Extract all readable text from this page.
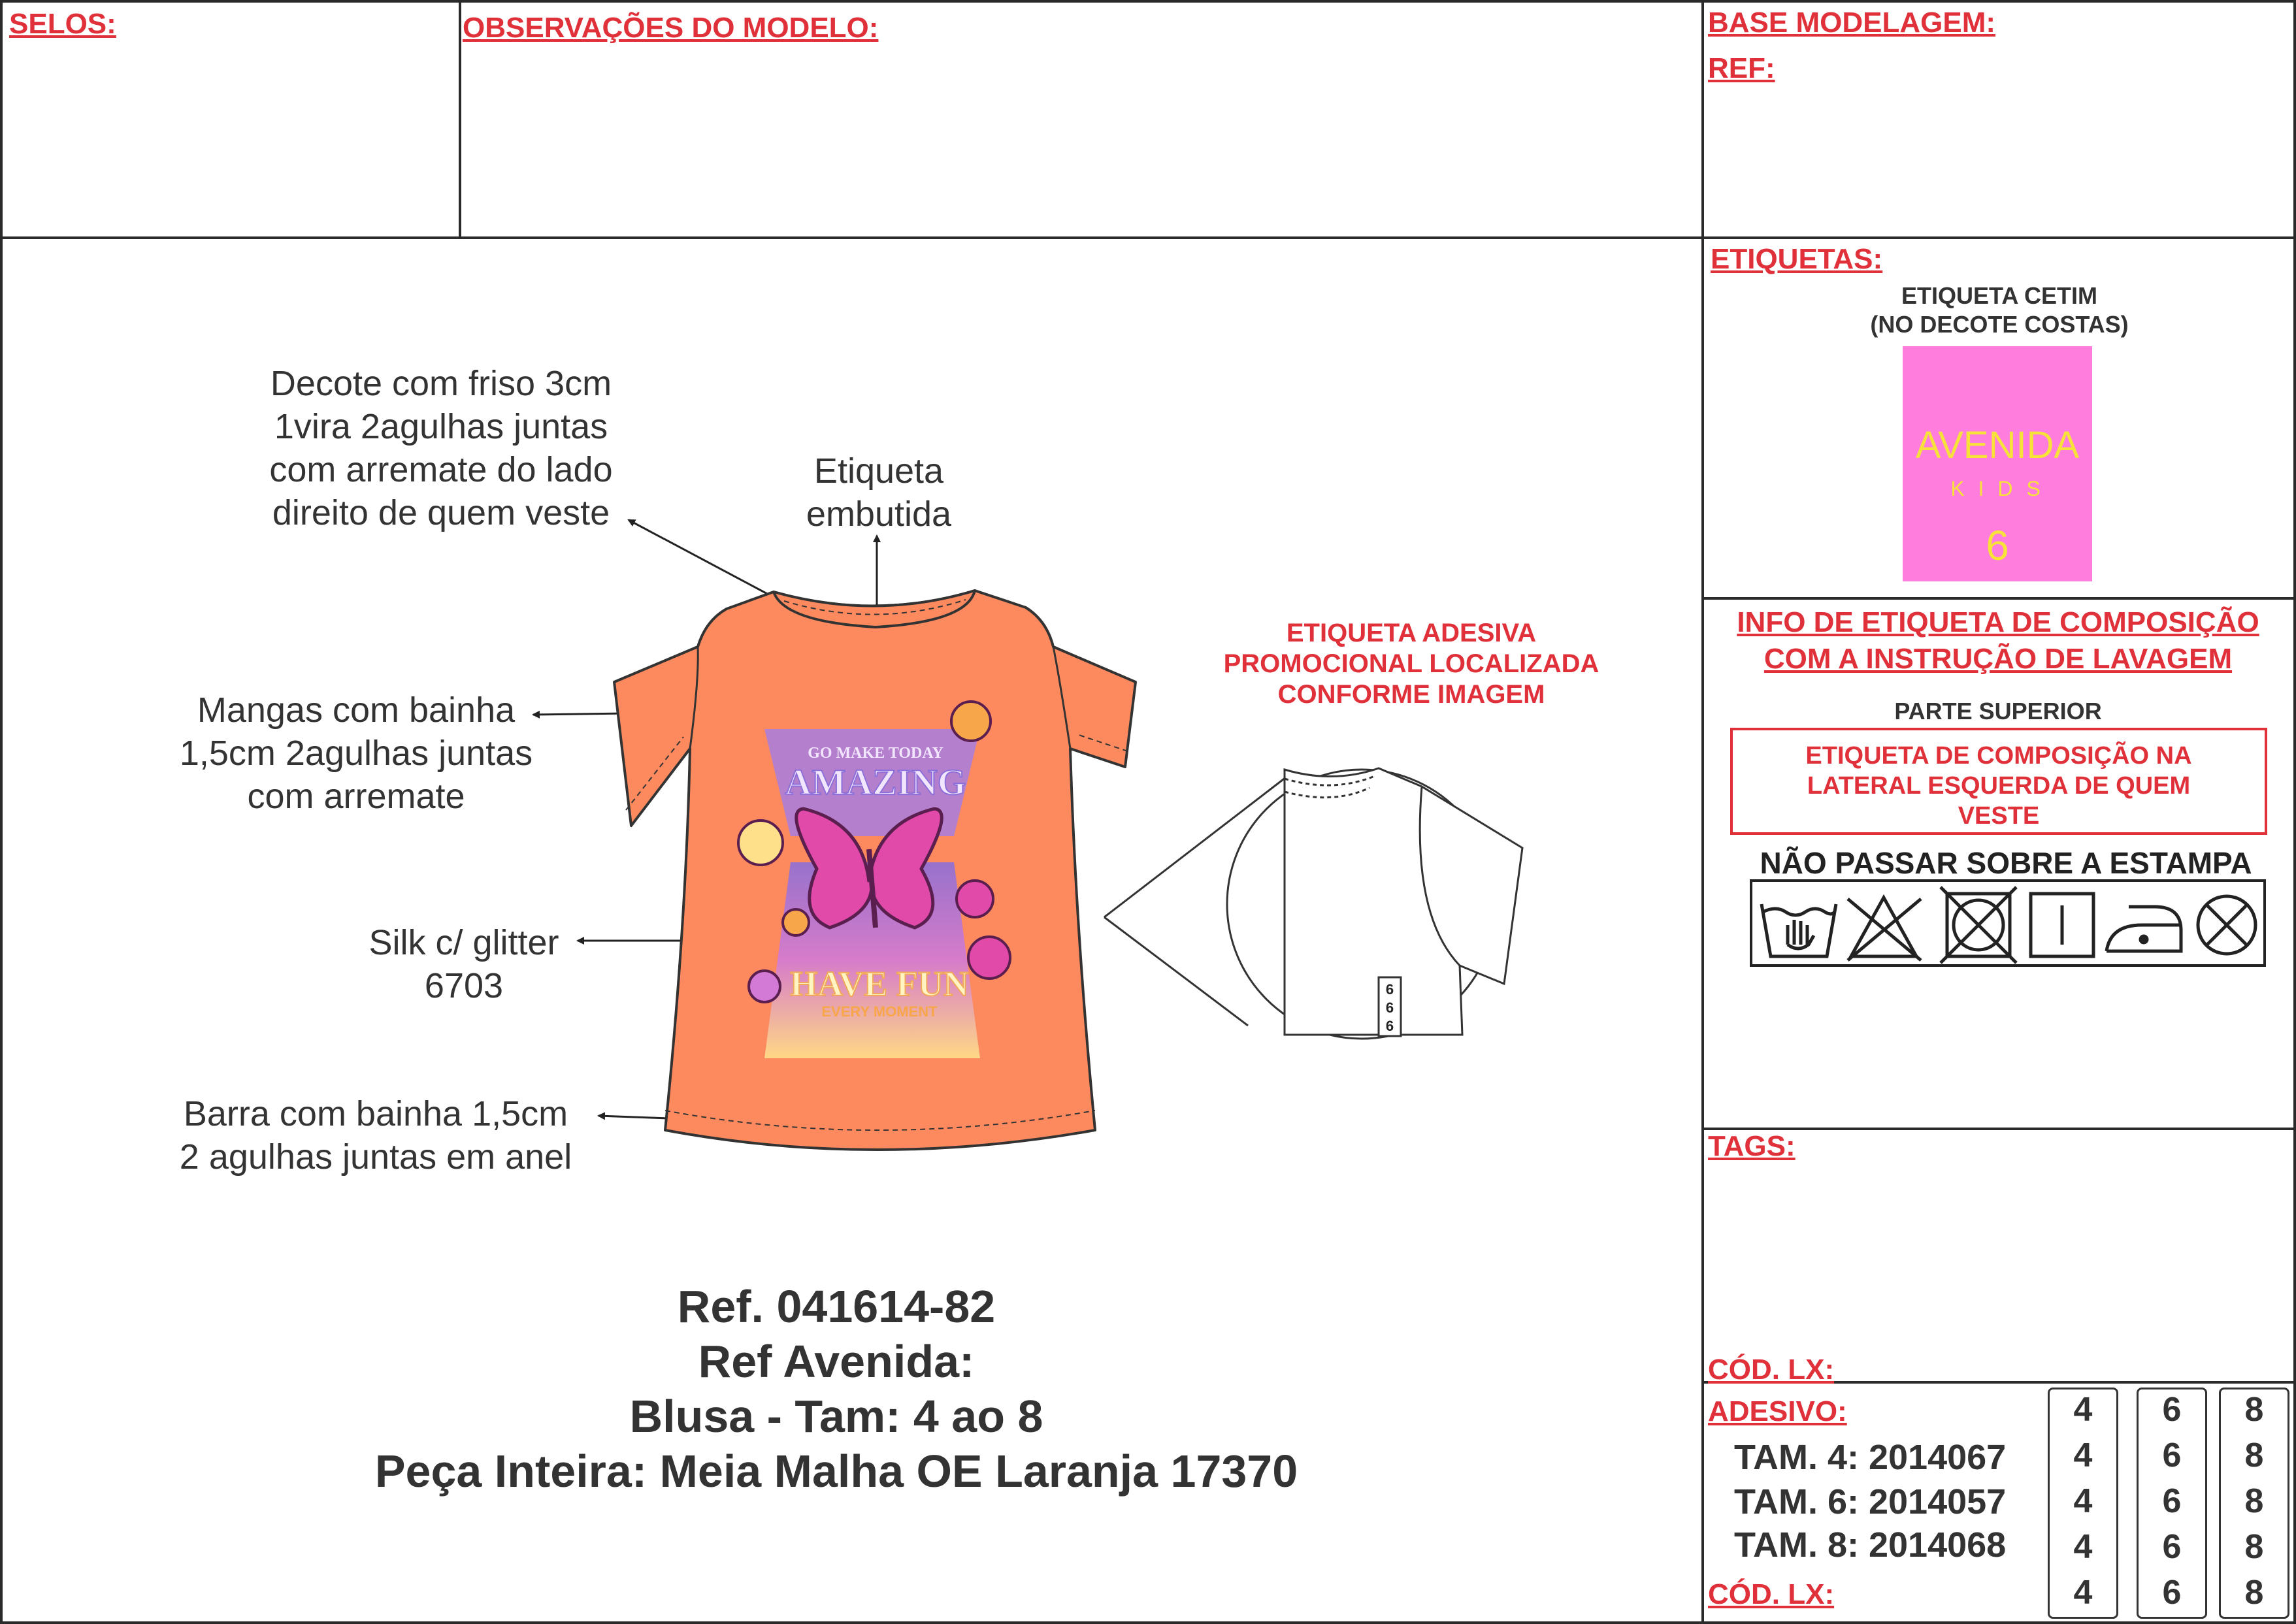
SELOS:	OBSERVAÇÕES DO MODELO:	BASE MODELAGEM:
REF:
ETIQUETAS:
ETIQUETA CETIM
(NO DECOTE COSTAS)
AVENIDA
K I D S
6
INFO DE ETIQUETA DE COMPOSIÇÃO
COM A INSTRUÇÃO DE LAVAGEM
PARTE SUPERIOR
ETIQUETA DE COMPOSIÇÃO NA
LATERAL ESQUERDA DE QUEM
VESTE
NÃO PASSAR SOBRE A ESTAMPA
TAGS:
CÓD. LX:
ADESIVO:
TAM. 4: 2014067
TAM. 6: 2014057
TAM. 8: 2014068
CÓD. LX:
4
4
4
4
4
6
6
6
6
6
8
8
8
8
8
Decote com friso 3cm
1vira 2agulhas juntas
com arremate do lado
direito de quem veste
Etiqueta
embutida
Mangas com bainha
1,5cm 2agulhas juntas
com arremate
Silk c/ glitter
6703
Barra com bainha 1,5cm
2 agulhas juntas em anel
ETIQUETA ADESIVA
PROMOCIONAL LOCALIZADA
CONFORME IMAGEM
GO MAKE TODAY
AMAZING
HAVE FUN
EVERY MOMENT
6
6
6
Ref. 041614-82
Ref Avenida:
Blusa - Tam: 4 ao 8
Peça Inteira: Meia Malha OE Laranja 17370
